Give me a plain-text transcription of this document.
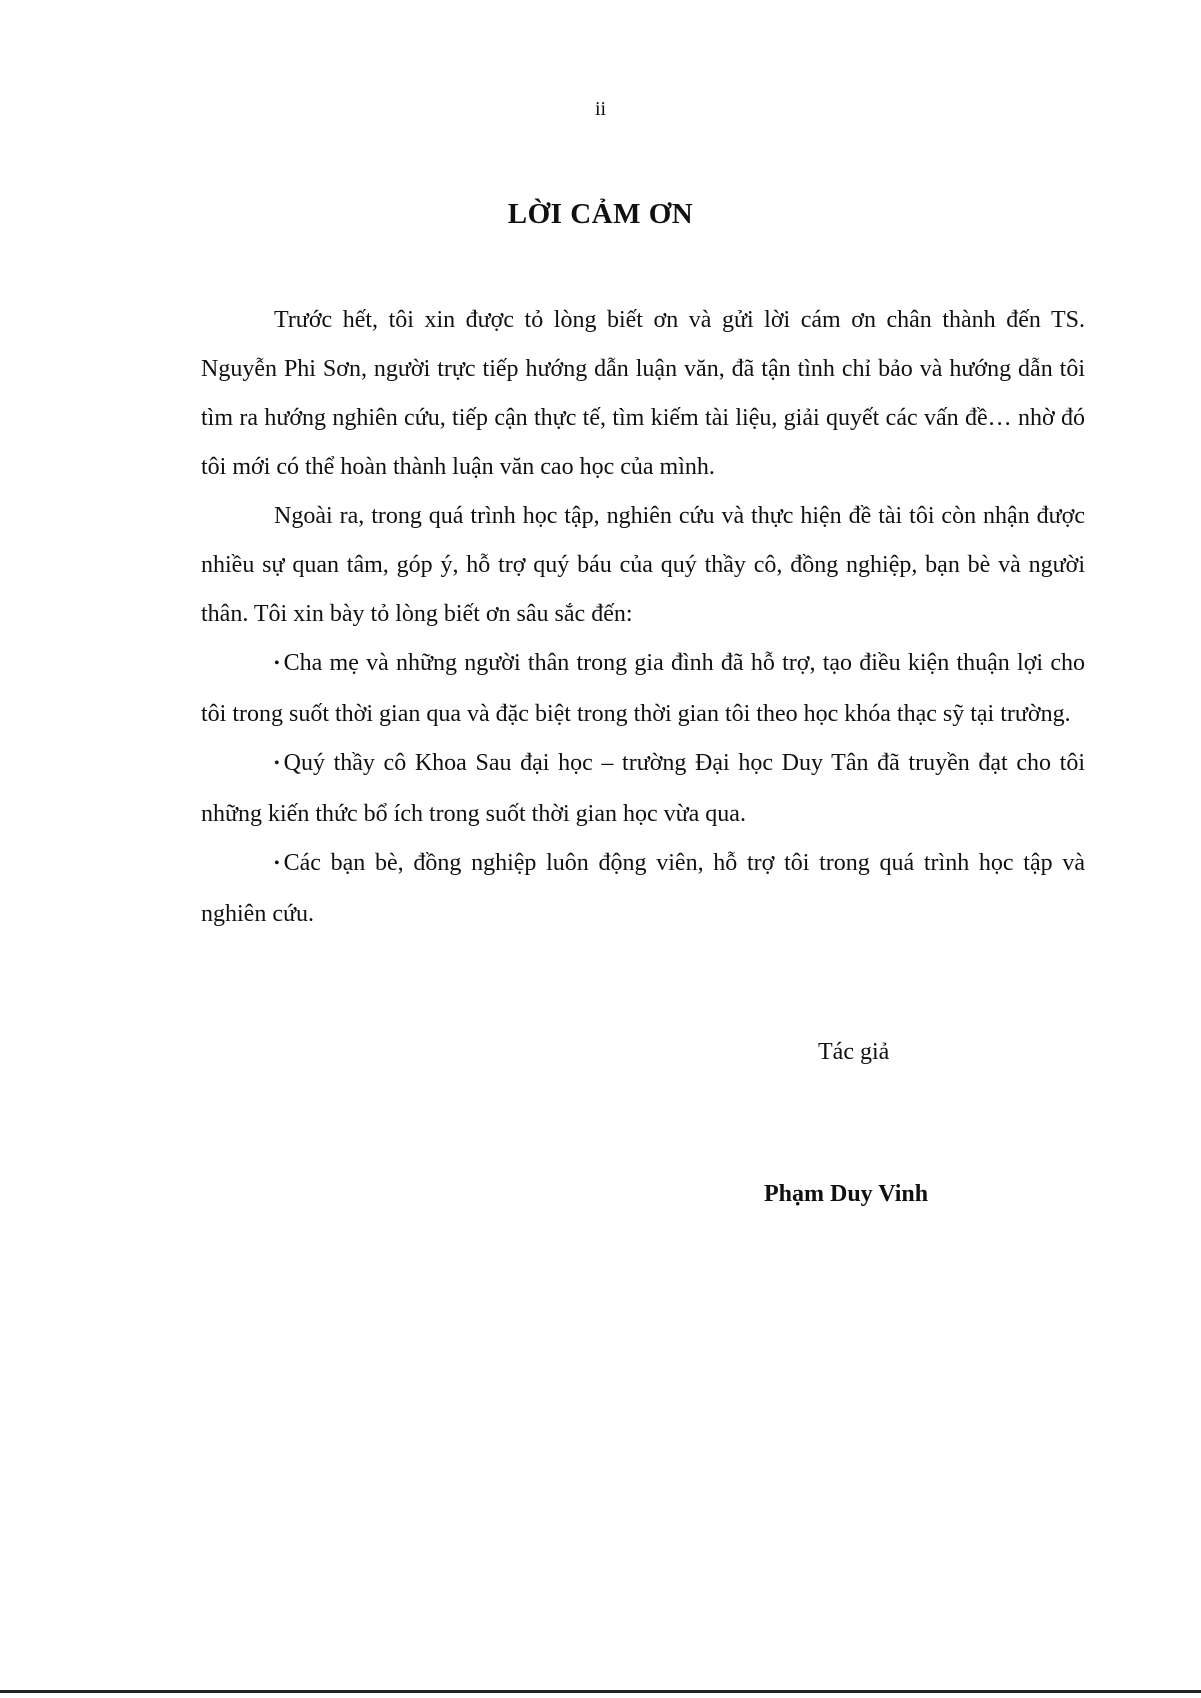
ii
LỜI CẢM ƠN

Trước hết, tôi xin được tỏ lòng biết ơn và gửi lời cám ơn chân thành đến TS. Nguyễn Phi Sơn, người trực tiếp hướng dẫn luận văn, đã tận tình chỉ bảo và hướng dẫn tôi tìm ra hướng nghiên cứu, tiếp cận thực tế, tìm kiếm tài liệu, giải quyết các vấn đề… nhờ đó tôi mới có thể hoàn thành luận văn cao học của mình.

Ngoài ra, trong quá trình học tập, nghiên cứu và thực hiện đề tài tôi còn nhận được nhiều sự quan tâm, góp ý, hỗ trợ quý báu của quý thầy cô, đồng nghiệp, bạn bè và người thân. Tôi xin bày tỏ lòng biết ơn sâu sắc đến:

• Cha mẹ và những người thân trong gia đình đã hỗ trợ, tạo điều kiện thuận lợi cho tôi trong suốt thời gian qua và đặc biệt trong thời gian tôi theo học khóa thạc sỹ tại trường.

• Quý thầy cô Khoa Sau đại học – trường Đại học Duy Tân đã truyền đạt cho tôi những kiến thức bổ ích trong suốt thời gian học vừa qua.

• Các bạn bè, đồng nghiệp luôn động viên, hỗ trợ tôi trong quá trình học tập và nghiên cứu.

Tác giả
Phạm Duy Vinh
